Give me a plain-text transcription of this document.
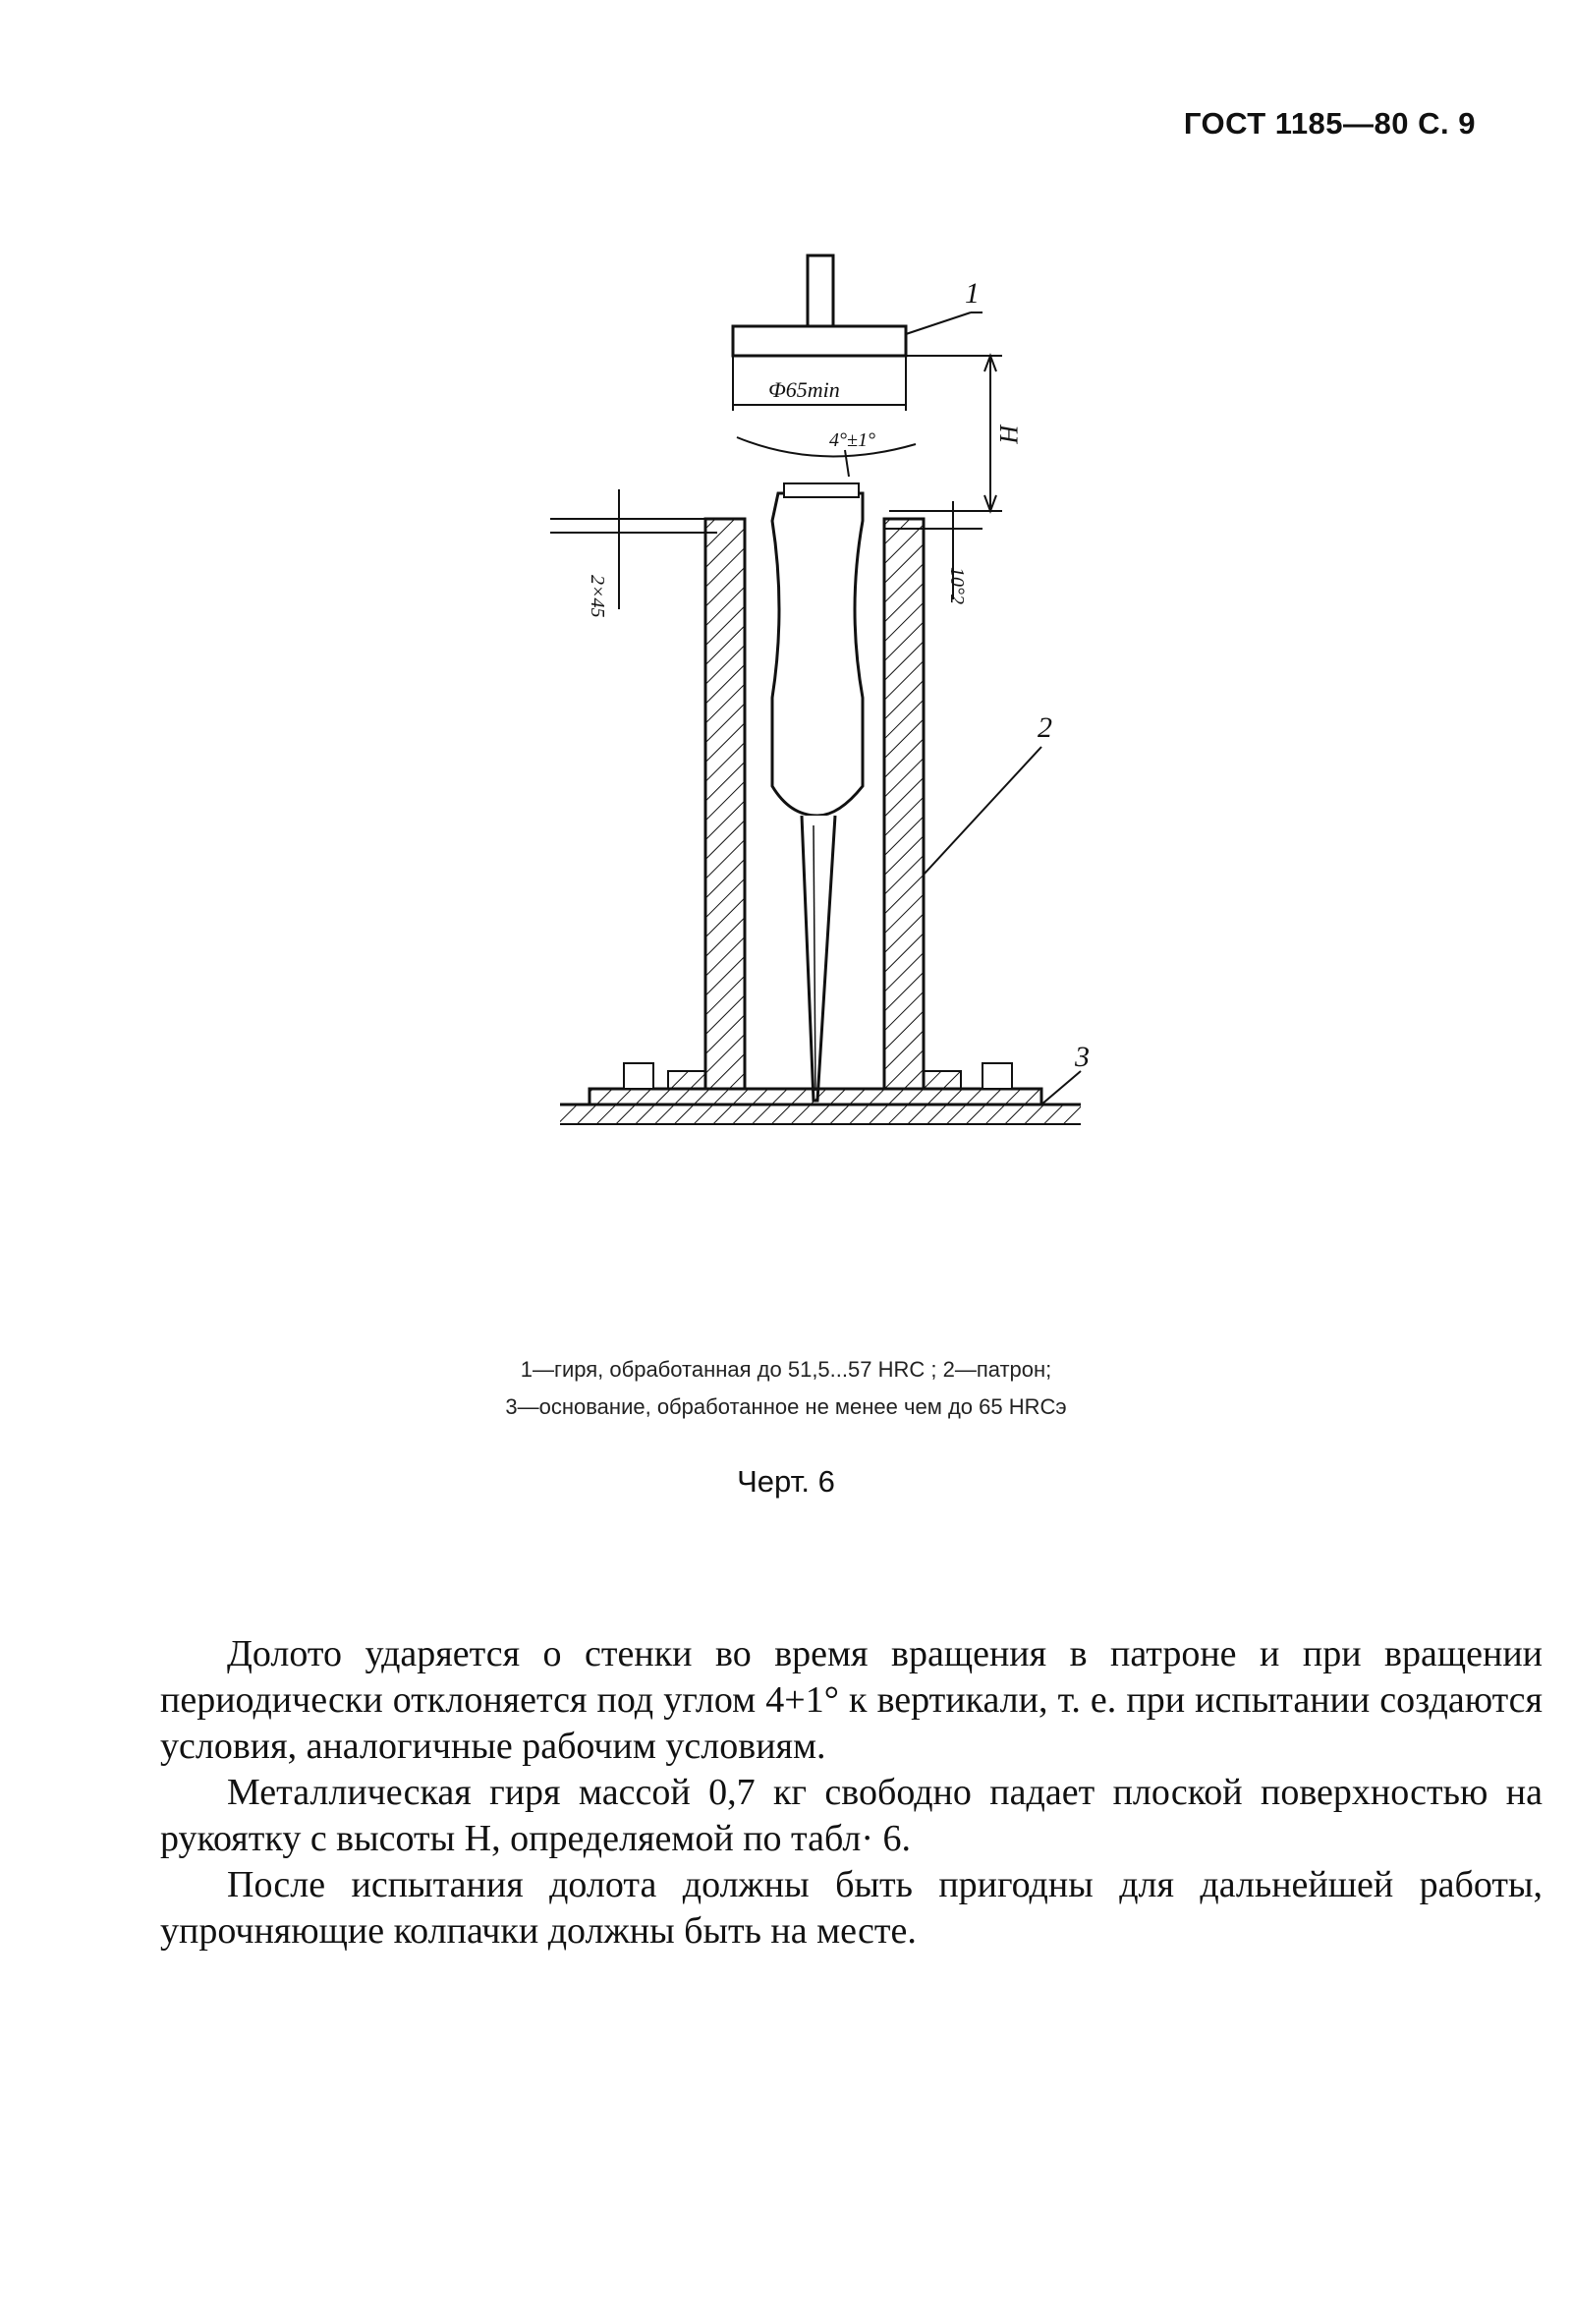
ГОСТ 1185—80 С. 9
Ф65min
1
H
4°±1°
2×45	10°2
2
3
1—гиря, обработанная до 51,5...57 HRC ; 2—патрон;
3—основание, обработанное не менее чем до 65 HRCэ
Черт. 6

Долото ударяется о стенки во время вращения в патроне и при вращении периодически отклоняется под углом 4+1° к вертикали, т. е. при испытании создаются условия, аналогичные рабочим условиям.

Металлическая гиря массой 0,7 кг свободно падает плоской поверхностью на рукоятку с высоты H, определяемой по табл· 6.

После испытания долота должны быть пригодны для дальнейшей работы, упрочняющие колпачки должны быть на месте.
